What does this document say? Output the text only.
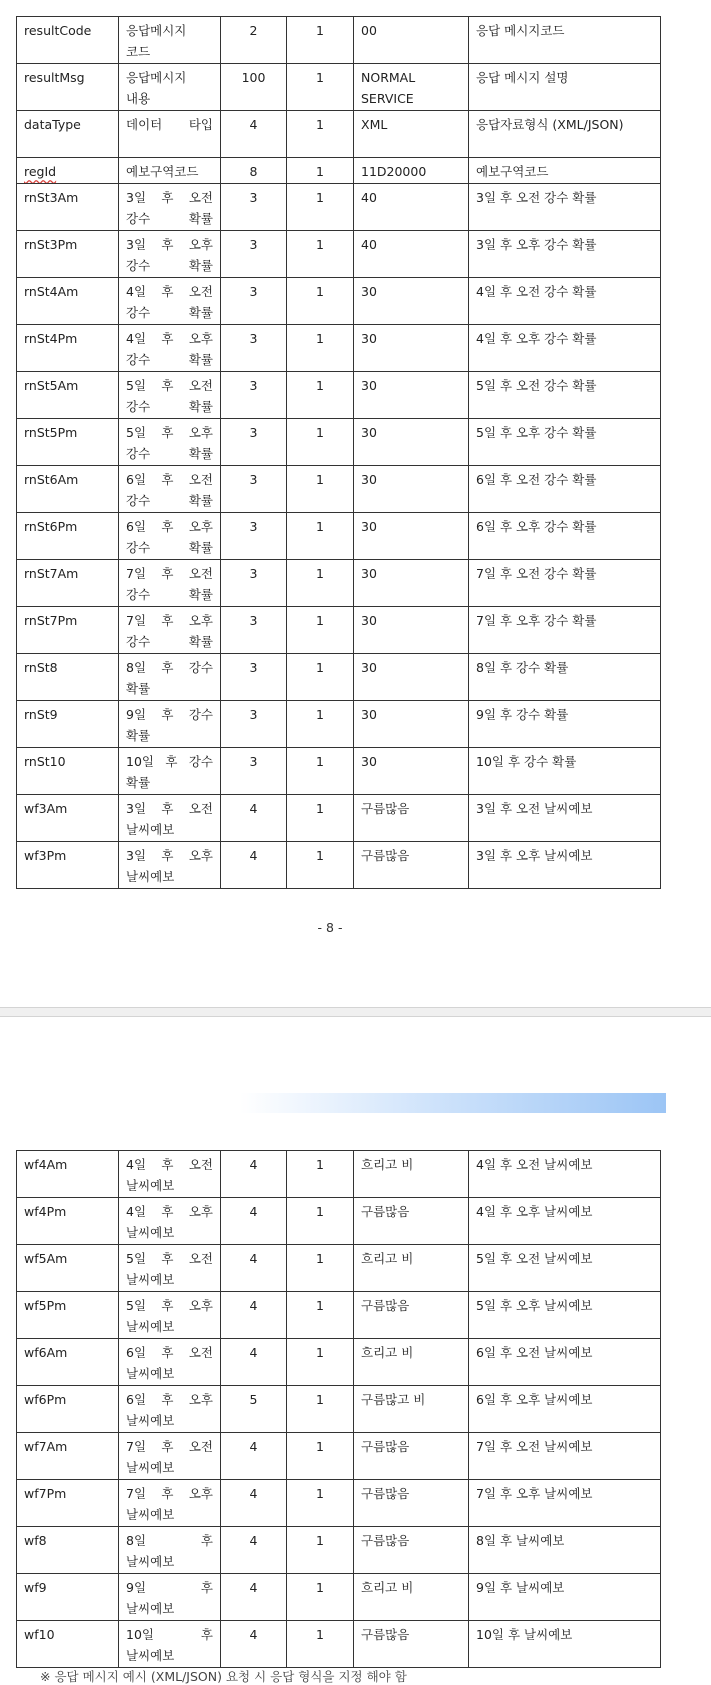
resultCode	응답메시지 코드	2	1	00	응답 메시지코드
resultMsg	응답메시지 내용	100	1	NORMAL SERVICE	응답 메시지 설명
dataType	데이터 타입	4	1	XML	응답자료형식 (XML/JSON)
regId	예보구역코드	8	1	11D20000	예보구역코드
rnSt3Am	3일 후 오전 강수 확률	3	1	40	3일 후 오전 강수 확률
rnSt3Pm	3일 후 오후 강수 확률	3	1	40	3일 후 오후 강수 확률
rnSt4Am	4일 후 오전 강수 확률	3	1	30	4일 후 오전 강수 확률
rnSt4Pm	4일 후 오후 강수 확률	3	1	30	4일 후 오후 강수 확률
rnSt5Am	5일 후 오전 강수 확률	3	1	30	5일 후 오전 강수 확률
rnSt5Pm	5일 후 오후 강수 확률	3	1	30	5일 후 오후 강수 확률
rnSt6Am	6일 후 오전 강수 확률	3	1	30	6일 후 오전 강수 확률
rnSt6Pm	6일 후 오후 강수 확률	3	1	30	6일 후 오후 강수 확률
rnSt7Am	7일 후 오전 강수 확률	3	1	30	7일 후 오전 강수 확률
rnSt7Pm	7일 후 오후 강수 확률	3	1	30	7일 후 오후 강수 확률
rnSt8	8일 후 강수 확률	3	1	30	8일 후 강수 확률
rnSt9	9일 후 강수 확률	3	1	30	9일 후 강수 확률
rnSt10	10일 후 강수 확률	3	1	30	10일 후 강수 확률
wf3Am	3일 후 오전 날씨예보	4	1	구름많음	3일 후 오전 날씨예보
wf3Pm	3일 후 오후 날씨예보	4	1	구름많음	3일 후 오후 날씨예보
- 8 -
wf4Am	4일 후 오전 날씨예보	4	1	흐리고 비	4일 후 오전 날씨예보
wf4Pm	4일 후 오후 날씨예보	4	1	구름많음	4일 후 오후 날씨예보
wf5Am	5일 후 오전 날씨예보	4	1	흐리고 비	5일 후 오전 날씨예보
wf5Pm	5일 후 오후 날씨예보	4	1	구름많음	5일 후 오후 날씨예보
wf6Am	6일 후 오전 날씨예보	4	1	흐리고 비	6일 후 오전 날씨예보
wf6Pm	6일 후 오후 날씨예보	5	1	구름많고 비	6일 후 오후 날씨예보
wf7Am	7일 후 오전 날씨예보	4	1	구름많음	7일 후 오전 날씨예보
wf7Pm	7일 후 오후 날씨예보	4	1	구름많음	7일 후 오후 날씨예보
wf8	8일 후 날씨예보	4	1	구름많음	8일 후 날씨예보
wf9	9일 후 날씨예보	4	1	흐리고 비	9일 후 날씨예보
wf10	10일 후 날씨예보	4	1	구름많음	10일 후 날씨예보
※ 응답 메시지 예시 (XML/JSON) 요청 시 응답 형식을 지정 해야 함
